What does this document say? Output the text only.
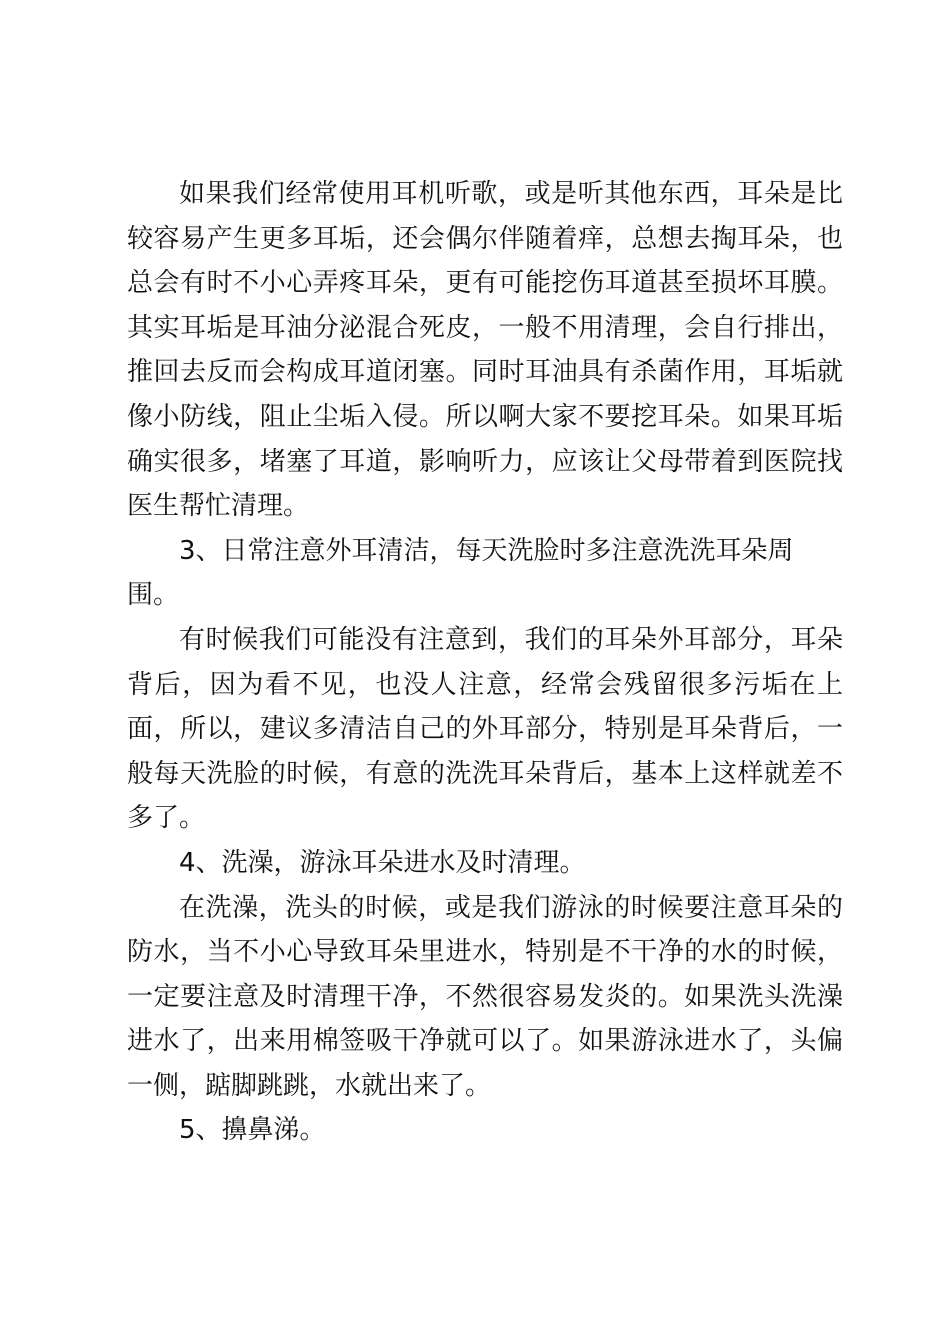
如果我们经常使用耳机听歌，或是听其他东西，耳朵是比较容易产生更多耳垢，还会偶尔伴随着痒，总想去掏耳朵，也总会有时不小心弄疼耳朵，更有可能挖伤耳道甚至损坏耳膜。其实耳垢是耳油分泌混合死皮，一般不用清理，会自行排出，推回去反而会构成耳道闭塞。同时耳油具有杀菌作用，耳垢就像小防线，阻止尘垢入侵。所以啊大家不要挖耳朵。如果耳垢确实很多，堵塞了耳道，影响听力，应该让父母带着到医院找医生帮忙清理。

3、日常注意外耳清洁，每天洗脸时多注意洗洗耳朵周围。

有时候我们可能没有注意到，我们的耳朵外耳部分，耳朵背后，因为看不见，也没人注意，经常会残留很多污垢在上面，所以，建议多清洁自己的外耳部分，特别是耳朵背后，一般每天洗脸的时候，有意的洗洗耳朵背后，基本上这样就差不多了。

4、洗澡，游泳耳朵进水及时清理。

在洗澡，洗头的时候，或是我们游泳的时候要注意耳朵的防水，当不小心导致耳朵里进水，特别是不干净的水的时候，一定要注意及时清理干净，不然很容易发炎的。如果洗头洗澡进水了，出来用棉签吸干净就可以了。如果游泳进水了，头偏一侧，踮脚跳跳，水就出来了。

5、擤鼻涕。
